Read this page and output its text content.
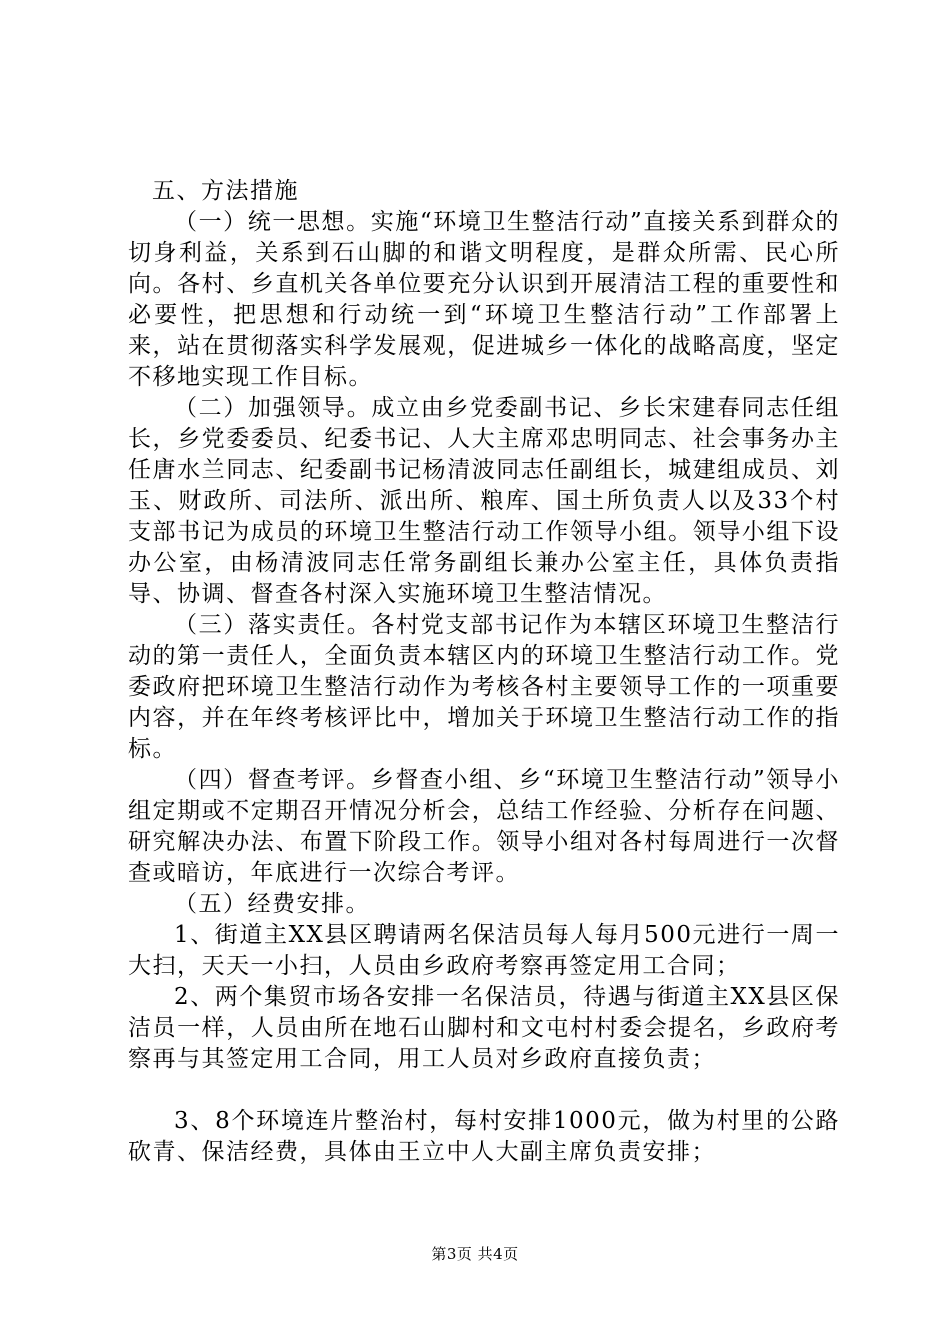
五、方法措施

（一）统一思想。实施“环境卫生整洁行动”直接关系到群众的切身利益，关系到石山脚的和谐文明程度，是群众所需、民心所向。各村、乡直机关各单位要充分认识到开展清洁工程的重要性和必要性，把思想和行动统一到“环境卫生整洁行动”工作部署上来，站在贯彻落实科学发展观，促进城乡一体化的战略高度，坚定不移地实现工作目标。

（二）加强领导。成立由乡党委副书记、乡长宋建春同志任组长，乡党委委员、纪委书记、人大主席邓忠明同志、社会事务办主任唐水兰同志、纪委副书记杨清波同志任副组长，城建组成员、刘玉、财政所、司法所、派出所、粮库、国土所负责人以及33个村支部书记为成员的环境卫生整洁行动工作领导小组。领导小组下设办公室，由杨清波同志任常务副组长兼办公室主任，具体负责指导、协调、督查各村深入实施环境卫生整洁情况。

（三）落实责任。各村党支部书记作为本辖区环境卫生整洁行动的第一责任人，全面负责本辖区内的环境卫生整洁行动工作。党委政府把环境卫生整洁行动作为考核各村主要领导工作的一项重要内容，并在年终考核评比中，增加关于环境卫生整洁行动工作的指标。

（四）督查考评。乡督查小组、乡“环境卫生整洁行动”领导小组定期或不定期召开情况分析会，总结工作经验、分析存在问题、研究解决办法、布置下阶段工作。领导小组对各村每周进行一次督查或暗访，年底进行一次综合考评。

（五）经费安排。

1、街道主XX县区聘请两名保洁员每人每月500元进行一周一大扫，天天一小扫，人员由乡政府考察再签定用工合同；

2、两个集贸市场各安排一名保洁员，待遇与街道主XX县区保洁员一样，人员由所在地石山脚村和文屯村村委会提名，乡政府考察再与其签定用工合同，用工人员对乡政府直接负责；

3、8个环境连片整治村，每村安排1000元，做为村里的公路砍青、保洁经费，具体由王立中人大副主席负责安排；

第3页 共4页
